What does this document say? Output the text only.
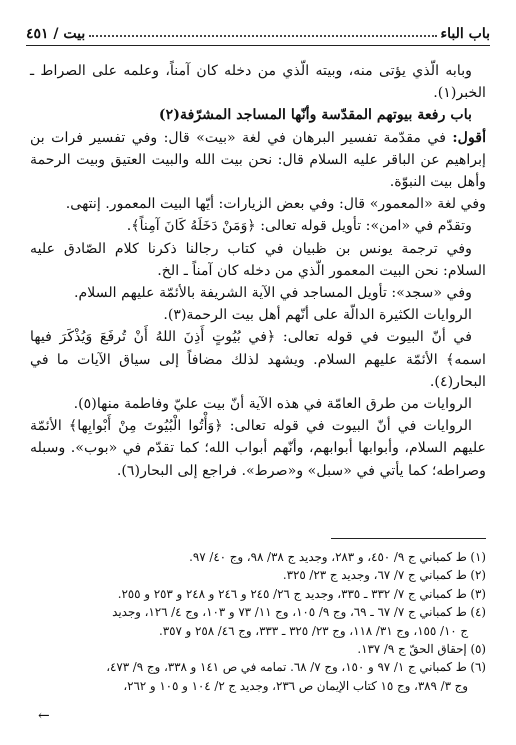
باب الباء
بيت / ٤٥١

وبابه الّذي يؤتى منه، وبيته الّذي من دخله كان آمناً، وعلمه على الصراط ـ الخبر(١).

باب رفعة بيوتهم المقدّسة وأنّها المساجد المشرّفة(٢)

أقول: في مقدّمة تفسير البرهان في لغة «بيت» قال: وفي تفسير فرات بن إبراهيم عن الباقر عليه السلام قال: نحن بيت الله والبيت العتيق وبيت الرحمة وأهل بيت النبوّة.

وفي لغة «المعمور» قال: وفي بعض الزيارات: أيّها البيت المعمور. إنتهى.

وتقدّم في «امن»: تأويل قوله تعالى: ﴿وَمَنْ دَخَلَهُ كَانَ آمِناً﴾.

وفي ترجمة يونس بن ظبيان في كتاب رجالنا ذكرنا كلام الصّادق عليه السلام: نحن البيت المعمور الّذي من دخله كان آمناً ـ الخ.

وفي «سجد»: تأويل المساجد في الآية الشريفة بالأئمّة عليهم السلام.

الروايات الكثيرة الدالّة على أنّهم أهل بيت الرحمة(٣).

في أنّ البيوت في قوله تعالى: ﴿في بُيُوتٍ أَذِنَ اللهُ أَنْ تُرفَعَ وَيُذْكَرَ فيها اسمه﴾ الأئمّة عليهم السلام. ويشهد لذلك مضافاً إلى سياق الآيات ما في البحار(٤).

الروايات من طرق العامّة في هذه الآية أنّ بيت عليّ وفاطمة منها(٥).

الروايات في أنّ البيوت في قوله تعالى: ﴿وَأْتُوا الْبُيُوتَ مِنْ أَبْوابِها﴾ الأئمّة عليهم السلام، وأبوابها أبوابهم، وأنّهم أبواب الله؛ كما تقدّم في «بوب». وسبله وصراطه؛ كما يأتي في «سبل» و«صرط». فراجع إلى البحار(٦).

(١) ط كمباني ج ٩/ ٤٥٠، و ٢٨٣، وجديد ج ٣٨/ ٩٨، وج ٤٠/ ٩٧.

(٢) ط كمباني ج ٧/ ٦٧، وجديد ج ٢٣/ ٣٢٥.

(٣) ط كمباني ج ٧/ ٣٣٢ ـ ٣٣٥، وجديد ج ٢٦/ ٢٤٥ و ٢٤٦ و ٢٤٨ و ٢٥٣ و ٢٥٥.

(٤) ط كمباني ج ٧/ ٦٧ ـ ٦٩، وج ٩/ ١٠٥، وج ١١/ ٧٣ و ١٠٣، وج ٤/ ١٢٦، وجديد

ج ١٠/ ١٥٥، وج ٣١/ ١١٨، وج ٢٣/ ٣٢٥ ـ ٣٣٣، وج ٤٦/ ٢٥٨ و ٣٥٧.

(٥) إحقاق الحقّ ج ٩/ ١٣٧.

(٦) ط كمباني ج ١/ ٩٧ و ١٥٠، وج ٧/ ٦٨. تمامه في ص ١٤١ و ٣٣٨، وج ٩/ ٤٧٣،

وج ٣/ ٣٨٩، وج ١٥ كتاب الإيمان ص ٢٣٦، وجديد ج ٢/ ١٠٤ و ١٠٥ و ٢٦٢،

←
